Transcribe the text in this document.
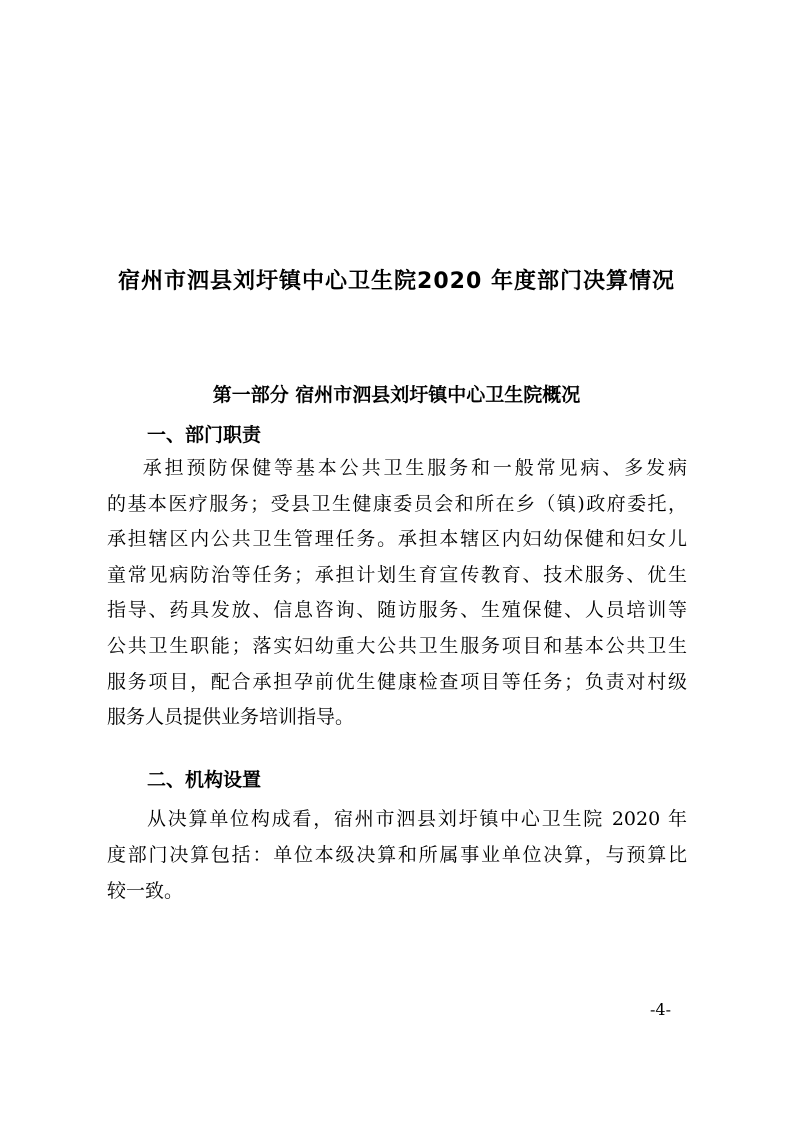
宿州市泗县刘圩镇中心卫生院2020 年度部门决算情况
第一部分 宿州市泗县刘圩镇中心卫生院概况
一、部门职责
承担预防保健等基本公共卫生服务和一般常见病、多发病
的基本医疗服务；受县卫生健康委员会和所在乡（镇)政府委托，
承担辖区内公共卫生管理任务。承担本辖区内妇幼保健和妇女儿
童常见病防治等任务；承担计划生育宣传教育、技术服务、优生
指导、药具发放、信息咨询、随访服务、生殖保健、人员培训等
公共卫生职能；落实妇幼重大公共卫生服务项目和基本公共卫生
服务项目，配合承担孕前优生健康检查项目等任务；负责对村级
服务人员提供业务培训指导。
二、机构设置
从决算单位构成看，宿州市泗县刘圩镇中心卫生院 2020 年
度部门决算包括：单位本级决算和所属事业单位决算，与预算比
较一致。
-4-
